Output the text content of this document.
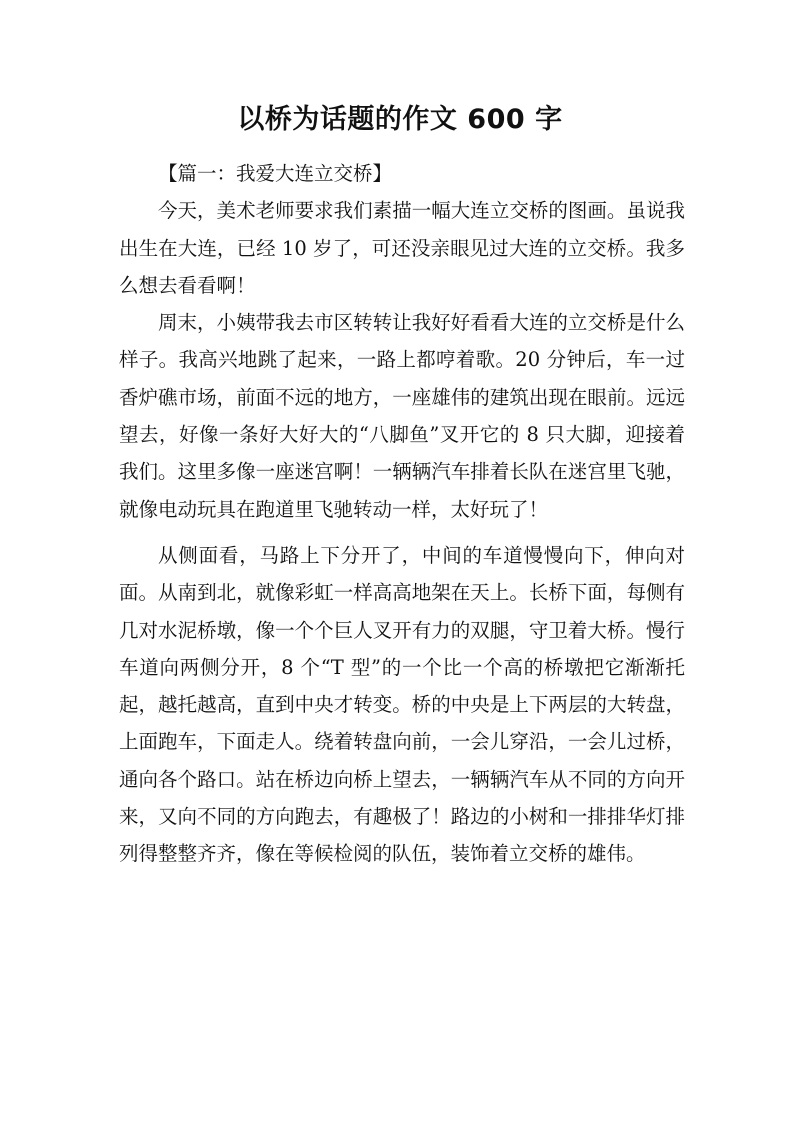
以桥为话题的作文 600 字

【篇一：我爱大连立交桥】

今天，美术老师要求我们素描一幅大连立交桥的图画。虽说我出生在大连，已经 10 岁了，可还没亲眼见过大连的立交桥。我多么想去看看啊！

周末，小姨带我去市区转转让我好好看看大连的立交桥是什么样子。我高兴地跳了起来，一路上都哼着歌。20 分钟后，车一过香炉礁市场，前面不远的地方，一座雄伟的建筑出现在眼前。远远望去，好像一条好大好大的“八脚鱼”叉开它的 8 只大脚，迎接着我们。这里多像一座迷宫啊！一辆辆汽车排着长队在迷宫里飞驰，就像电动玩具在跑道里飞驰转动一样，太好玩了！

从侧面看，马路上下分开了，中间的车道慢慢向下，伸向对面。从南到北，就像彩虹一样高高地架在天上。长桥下面，每侧有几对水泥桥墩，像一个个巨人叉开有力的双腿，守卫着大桥。慢行车道向两侧分开，8 个“T 型”的一个比一个高的桥墩把它渐渐托起，越托越高，直到中央才转变。桥的中央是上下两层的大转盘，上面跑车，下面走人。绕着转盘向前，一会儿穿沿，一会儿过桥，通向各个路口。站在桥边向桥上望去，一辆辆汽车从不同的方向开来，又向不同的方向跑去，有趣极了！路边的小树和一排排华灯排列得整整齐齐，像在等候检阅的队伍，装饰着立交桥的雄伟。
